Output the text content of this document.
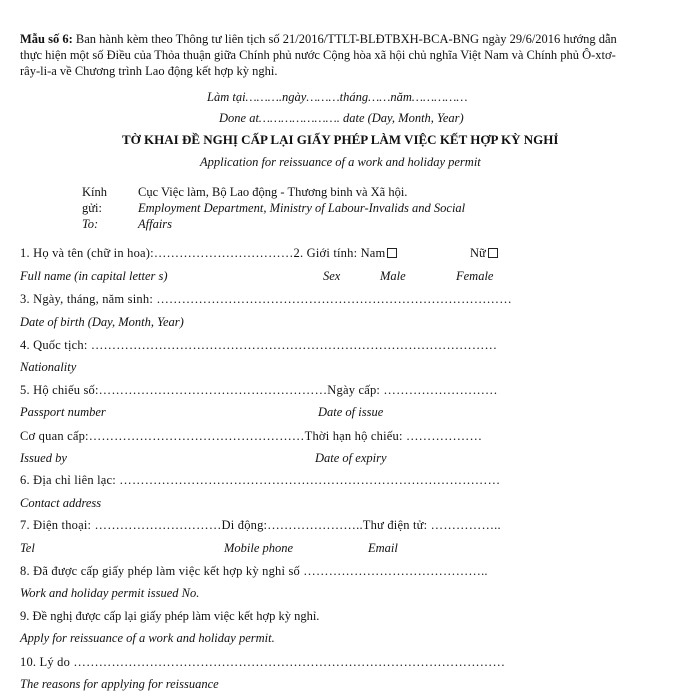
Mẫu số 6: Ban hành kèm theo Thông tư liên tịch số 21/2016/TTLT-BLĐTBXH-BCA-BNG ngày 29/6/2016 hướng dẫn
thực hiện một số Điều của Thỏa thuận giữa Chính phủ nước Cộng hòa xã hội chủ nghĩa Việt Nam và Chính phủ Ô-xtơ-
rây-li-a về Chương trình Lao động kết hợp kỳ nghỉ.
Làm tại……….ngày………tháng……năm……………
Done at…………………. date (Day, Month, Year)
TỜ KHAI ĐỀ NGHỊ CẤP LẠI GIẤY PHÉP LÀM VIỆC KẾT HỢP KỲ NGHỈ
Application for reissuance of a work and holiday permit
Kính
gửi:
To:
Cục Việc làm, Bộ Lao động - Thương binh và Xã hội.
Employment Department, Ministry of Labour-Invalids and Social
Affairs
1. Họ và tên (chữ in hoa):……………………………2. Giới tính: Nam	Nữ
Full name (in capital letter s)	Sex	Male	Female
3. Ngày, tháng, năm sinh: …………………………………………………………………………
Date of birth (Day, Month, Year)
4. Quốc tịch: ……………………………………………………………………………………
Nationality
5. Hộ chiếu số:………………………………………………Ngày cấp: ………………………
Passport number	Date of issue
Cơ quan cấp:……………………………………………Thời hạn hộ chiếu: ………………
Issued by	Date of expiry
6. Địa chỉ liên lạc: ………………………………………………………………………………
Contact address
7. Điện thoại: …………………………Di động:…………………..Thư điện tử: ……………..
Tel	Mobile phone	Email
8. Đã được cấp giấy phép làm việc kết hợp kỳ nghỉ số ……………………………………..
Work and holiday permit issued No.
9. Đề nghị được cấp lại giấy phép làm việc kết hợp kỳ nghỉ.
Apply for reissuance of a work and holiday permit.
10. Lý do …………………………………………………………………………………………
The reasons for applying for reissuance
